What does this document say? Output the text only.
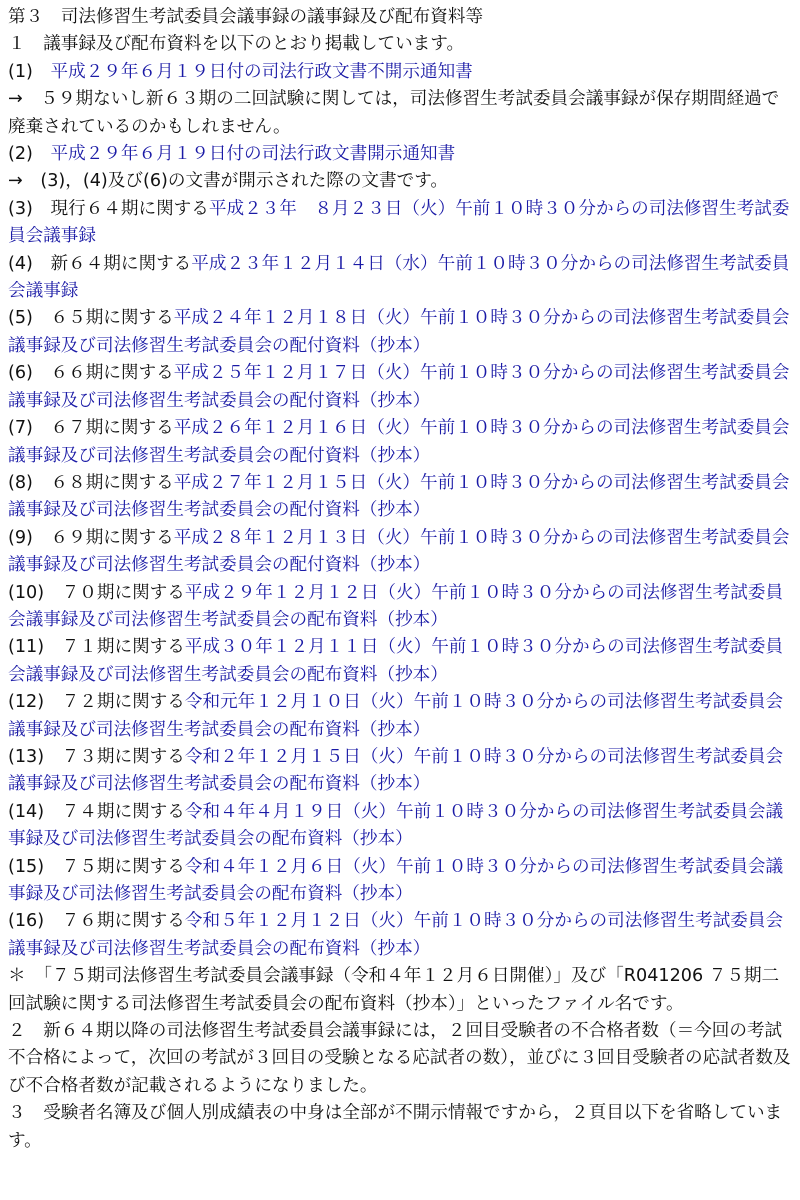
第３　司法修習生考試委員会議事録の議事録及び配布資料等

１　議事録及び配布資料を以下のとおり掲載しています。

(1)　平成２９年６月１９日付の司法行政文書不開示通知書

→　５９期ないし新６３期の二回試験に関しては，司法修習生考試委員会議事録が保存期間経過で廃棄されているのかもしれません。

(2)　平成２９年６月１９日付の司法行政文書開示通知書

→　(3)，(4)及び(6)の文書が開示された際の文書です。

(3)　現行６４期に関する平成２３年　８月２３日（火）午前１０時３０分からの司法修習生考試委員会議事録

(4)　新６４期に関する平成２３年１２月１４日（水）午前１０時３０分からの司法修習生考試委員会議事録

(5)　６５期に関する平成２４年１２月１８日（火）午前１０時３０分からの司法修習生考試委員会議事録及び司法修習生考試委員会の配付資料（抄本）

(6)　６６期に関する平成２５年１２月１７日（火）午前１０時３０分からの司法修習生考試委員会議事録及び司法修習生考試委員会の配付資料（抄本）

(7)　６７期に関する平成２６年１２月１６日（火）午前１０時３０分からの司法修習生考試委員会議事録及び司法修習生考試委員会の配付資料（抄本）

(8)　６８期に関する平成２７年１２月１５日（火）午前１０時３０分からの司法修習生考試委員会議事録及び司法修習生考試委員会の配付資料（抄本）

(9)　６９期に関する平成２８年１２月１３日（火）午前１０時３０分からの司法修習生考試委員会議事録及び司法修習生考試委員会の配付資料（抄本）

(10)　７０期に関する平成２９年１２月１２日（火）午前１０時３０分からの司法修習生考試委員会議事録及び司法修習生考試委員会の配布資料（抄本）

(11)　７１期に関する平成３０年１２月１１日（火）午前１０時３０分からの司法修習生考試委員会議事録及び司法修習生考試委員会の配布資料（抄本）

(12)　７２期に関する令和元年１２月１０日（火）午前１０時３０分からの司法修習生考試委員会議事録及び司法修習生考試委員会の配布資料（抄本）

(13)　７３期に関する令和２年１２月１５日（火）午前１０時３０分からの司法修習生考試委員会議事録及び司法修習生考試委員会の配布資料（抄本）

(14)　７４期に関する令和４年４月１９日（火）午前１０時３０分からの司法修習生考試委員会議事録及び司法修習生考試委員会の配布資料（抄本）

(15)　７５期に関する令和４年１２月６日（火）午前１０時３０分からの司法修習生考試委員会議事録及び司法修習生考試委員会の配布資料（抄本）

(16)　７６期に関する令和５年１２月１２日（火）午前１０時３０分からの司法修習生考試委員会議事録及び司法修習生考試委員会の配布資料（抄本）

＊　「７５期司法修習生考試委員会議事録（令和４年１２月６日開催）」及び「R041206 ７５期二回試験に関する司法修習生考試委員会の配布資料（抄本）」といったファイル名です。

２　新６４期以降の司法修習生考試委員会議事録には，２回目受験者の不合格者数（＝今回の考試不合格によって，次回の考試が３回目の受験となる応試者の数），並びに３回目受験者の応試者数及び不合格者数が記載されるようになりました。

３　受験者名簿及び個人別成績表の中身は全部が不開示情報ですから，２頁目以下を省略しています。
